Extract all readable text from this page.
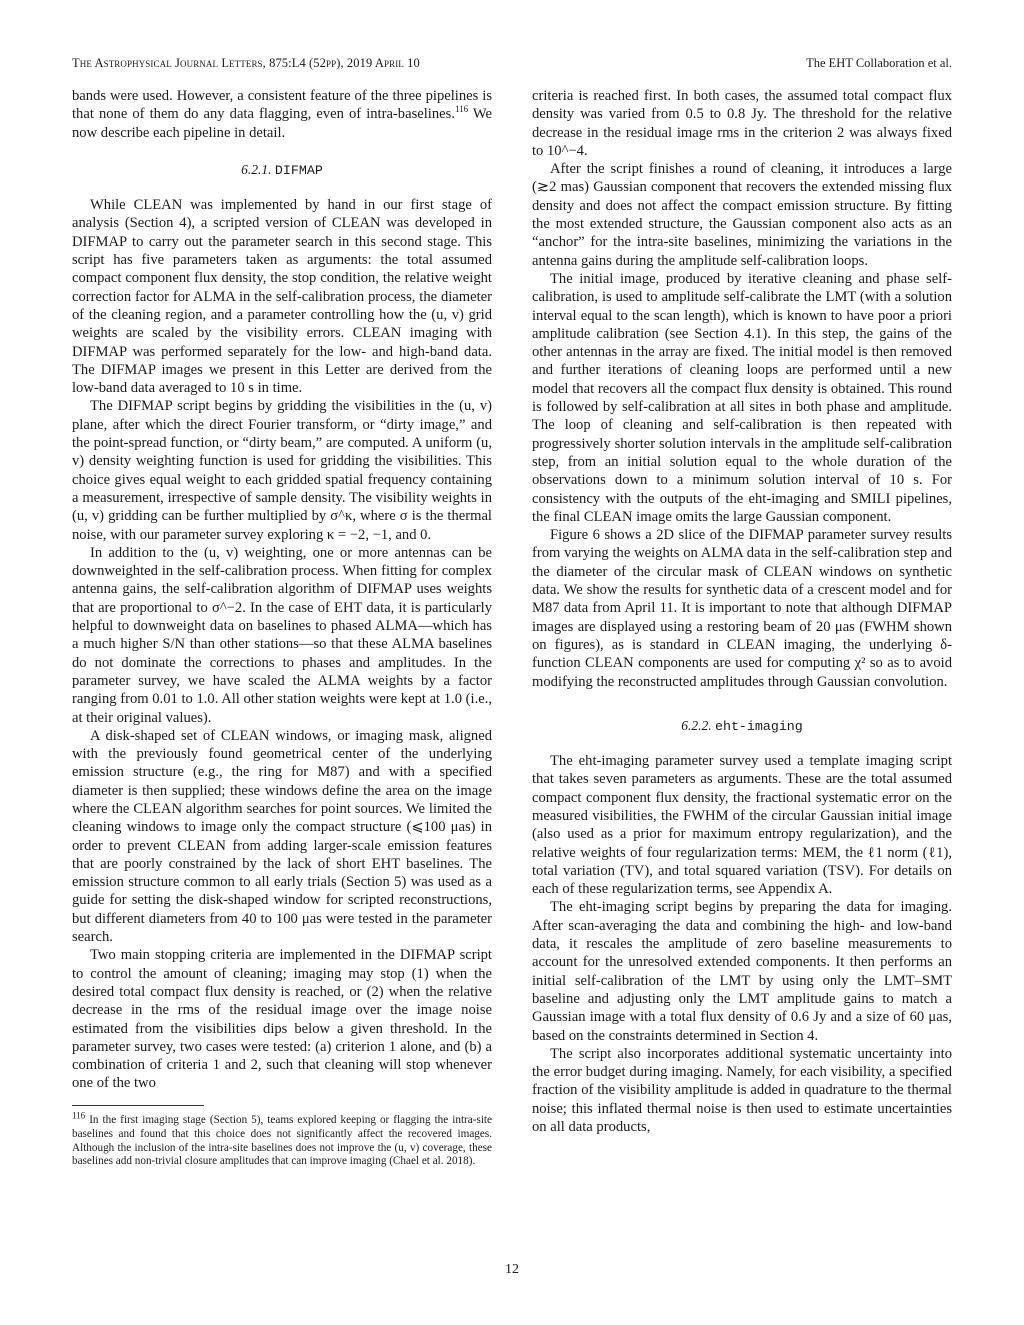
The Astrophysical Journal Letters, 875:L4 (52pp), 2019 April 10	The EHT Collaboration et al.

bands were used. However, a consistent feature of the three pipelines is that none of them do any data flagging, even of intra-baselines.$^{116}$ We now describe each pipeline in detail.

6.2.1. DIFMAP

While CLEAN was implemented by hand in our first stage of analysis (Section 4), a scripted version of CLEAN was developed in DIFMAP to carry out the parameter search in this second stage. This script has five parameters taken as arguments: the total assumed compact component flux density, the stop condition, the relative weight correction factor for ALMA in the self-calibration process, the diameter of the cleaning region, and a parameter controlling how the (u, v) grid weights are scaled by the visibility errors. CLEAN imaging with DIFMAP was performed separately for the low- and high-band data. The DIFMAP images we present in this Letter are derived from the low-band data averaged to 10 s in time.

The DIFMAP script begins by gridding the visibilities in the (u, v) plane, after which the direct Fourier transform, or “dirty image,” and the point-spread function, or “dirty beam,” are computed. A uniform (u, v) density weighting function is used for gridding the visibilities. This choice gives equal weight to each gridded spatial frequency containing a measurement, irrespective of sample density. The visibility weights in (u, v) gridding can be further multiplied by σ^κ, where σ is the thermal noise, with our parameter survey exploring κ = −2, −1, and 0.

In addition to the (u, v) weighting, one or more antennas can be downweighted in the self-calibration process. When fitting for complex antenna gains, the self-calibration algorithm of DIFMAP uses weights that are proportional to σ^−2. In the case of EHT data, it is particularly helpful to downweight data on baselines to phased ALMA—which has a much higher S/N than other stations—so that these ALMA baselines do not dominate the corrections to phases and amplitudes. In the parameter survey, we have scaled the ALMA weights by a factor ranging from 0.01 to 1.0. All other station weights were kept at 1.0 (i.e., at their original values).

A disk-shaped set of CLEAN windows, or imaging mask, aligned with the previously found geometrical center of the underlying emission structure (e.g., the ring for M87) and with a specified diameter is then supplied; these windows define the area on the image where the CLEAN algorithm searches for point sources. We limited the cleaning windows to image only the compact structure (⩽100 μas) in order to prevent CLEAN from adding larger-scale emission features that are poorly constrained by the lack of short EHT baselines. The emission structure common to all early trials (Section 5) was used as a guide for setting the disk-shaped window for scripted reconstructions, but different diameters from 40 to 100 μas were tested in the parameter search.

Two main stopping criteria are implemented in the DIFMAP script to control the amount of cleaning; imaging may stop (1) when the desired total compact flux density is reached, or (2) when the relative decrease in the rms of the residual image over the image noise estimated from the visibilities dips below a given threshold. In the parameter survey, two cases were tested: (a) criterion 1 alone, and (b) a combination of criteria 1 and 2, such that cleaning will stop whenever one of the two

$^{116}$ In the first imaging stage (Section 5), teams explored keeping or flagging the intra-site baselines and found that this choice does not significantly affect the recovered images. Although the inclusion of the intra-site baselines does not improve the (u, v) coverage, these baselines add non-trivial closure amplitudes that can improve imaging (Chael et al. 2018).

criteria is reached first. In both cases, the assumed total compact flux density was varied from 0.5 to 0.8 Jy. The threshold for the relative decrease in the residual image rms in the criterion 2 was always fixed to 10^−4.

After the script finishes a round of cleaning, it introduces a large (≳2 mas) Gaussian component that recovers the extended missing flux density and does not affect the compact emission structure. By fitting the most extended structure, the Gaussian component also acts as an “anchor” for the intra-site baselines, minimizing the variations in the antenna gains during the amplitude self-calibration loops.

The initial image, produced by iterative cleaning and phase self-calibration, is used to amplitude self-calibrate the LMT (with a solution interval equal to the scan length), which is known to have poor a priori amplitude calibration (see Section 4.1). In this step, the gains of the other antennas in the array are fixed. The initial model is then removed and further iterations of cleaning loops are performed until a new model that recovers all the compact flux density is obtained. This round is followed by self-calibration at all sites in both phase and amplitude. The loop of cleaning and self-calibration is then repeated with progressively shorter solution intervals in the amplitude self-calibration step, from an initial solution equal to the whole duration of the observations down to a minimum solution interval of 10 s. For consistency with the outputs of the eht-imaging and SMILI pipelines, the final CLEAN image omits the large Gaussian component.

Figure 6 shows a 2D slice of the DIFMAP parameter survey results from varying the weights on ALMA data in the self-calibration step and the diameter of the circular mask of CLEAN windows on synthetic data. We show the results for synthetic data of a crescent model and for M87 data from April 11. It is important to note that although DIFMAP images are displayed using a restoring beam of 20 μas (FWHM shown on figures), as is standard in CLEAN imaging, the underlying δ-function CLEAN components are used for computing χ² so as to avoid modifying the reconstructed amplitudes through Gaussian convolution.

6.2.2. eht-imaging

The eht-imaging parameter survey used a template imaging script that takes seven parameters as arguments. These are the total assumed compact component flux density, the fractional systematic error on the measured visibilities, the FWHM of the circular Gaussian initial image (also used as a prior for maximum entropy regularization), and the relative weights of four regularization terms: MEM, the ℓ1 norm (ℓ1), total variation (TV), and total squared variation (TSV). For details on each of these regularization terms, see Appendix A.

The eht-imaging script begins by preparing the data for imaging. After scan-averaging the data and combining the high- and low-band data, it rescales the amplitude of zero baseline measurements to account for the unresolved extended components. It then performs an initial self-calibration of the LMT by using only the LMT–SMT baseline and adjusting only the LMT amplitude gains to match a Gaussian image with a total flux density of 0.6 Jy and a size of 60 μas, based on the constraints determined in Section 4.

The script also incorporates additional systematic uncertainty into the error budget during imaging. Namely, for each visibility, a specified fraction of the visibility amplitude is added in quadrature to the thermal noise; this inflated thermal noise is then used to estimate uncertainties on all data products,

12
